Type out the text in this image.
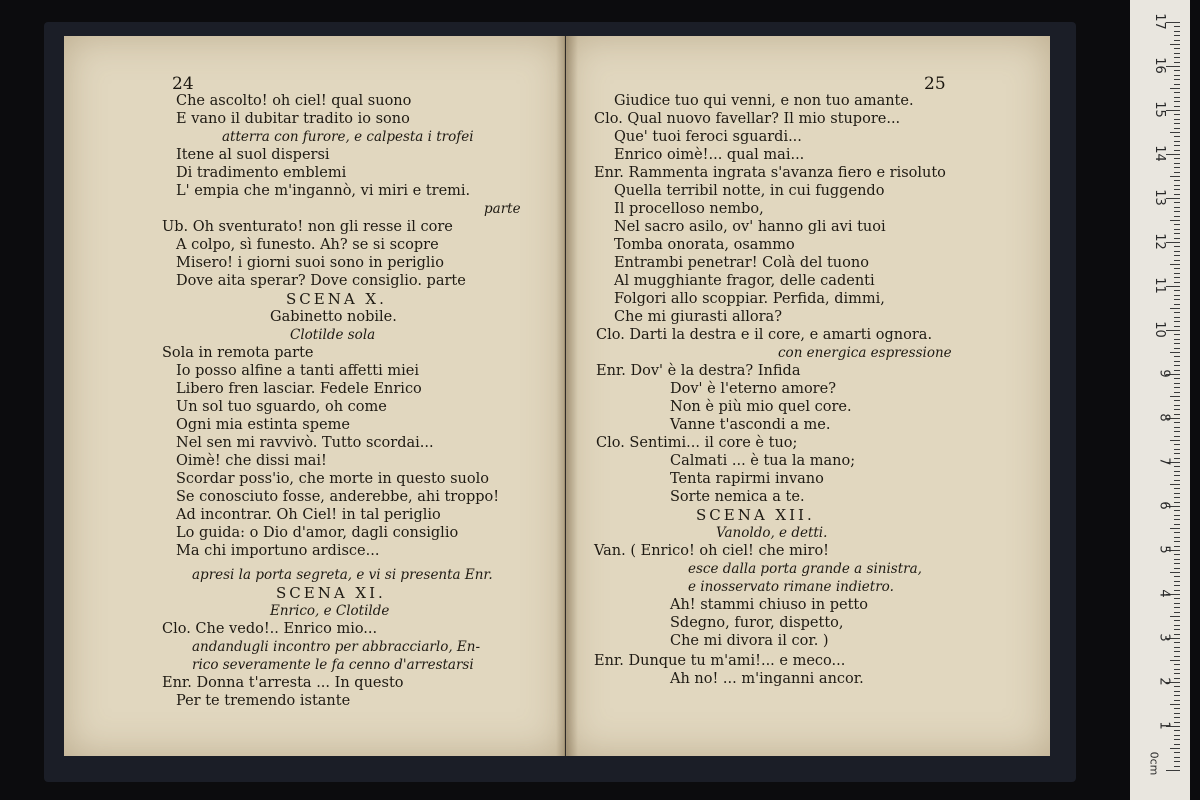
24
Che ascolto! oh ciel! qual suono
E vano il dubitar tradito io sono
atterra con furore, e calpesta i trofei
Itene al suol dispersi
Di tradimento emblemi
L' empia che m'ingannò, vi miri e tremi.
parte
Ub. Oh sventurato! non gli resse il core
A colpo, sì funesto. Ah? se si scopre
Misero! i giorni suoi sono in periglio
Dove aita sperar? Dove consiglio. parte
SCENA X.
Gabinetto nobile.
Clotilde sola
Sola in remota parte
Io posso alfine a tanti affetti miei
Libero fren lasciar. Fedele Enrico
Un sol tuo sguardo, oh come
Ogni mia estinta speme
Nel sen mi ravvivò. Tutto scordai...
Oimè! che dissi mai!
Scordar poss'io, che morte in questo suolo
Se conosciuto fosse, anderebbe, ahi troppo!
Ad incontrar. Oh Ciel! in tal periglio
Lo guida: o Dio d'amor, dagli consiglio
Ma chi importuno ardisce...
apresi la porta segreta, e vi si presenta Enr.
SCENA XI.
Enrico, e Clotilde
Clo. Che vedo!.. Enrico mio...
andandugli incontro per abbracciarlo, En-
rico severamente le fa cenno d'arrestarsi
Enr. Donna t'arresta ... In questo
Per te tremendo istante
25
Giudice tuo qui venni, e non tuo amante.
Clo. Qual nuovo favellar? Il mio stupore...
Que' tuoi feroci sguardi...
Enrico oimè!... qual mai...
Enr. Rammenta ingrata s'avanza fiero e risoluto
Quella terribil notte, in cui fuggendo
Il procelloso nembo,
Nel sacro asilo, ov' hanno gli avi tuoi
Tomba onorata, osammo
Entrambi penetrar! Colà del tuono
Al mugghiante fragor, delle cadenti
Folgori allo scoppiar. Perfida, dimmi,
Che mi giurasti allora?
Clo. Darti la destra e il core, e amarti ognora.
con energica espressione
Enr. Dov' è la destra? Infida
Dov' è l'eterno amore?
Non è più mio quel core.
Vanne t'ascondi a me.
Clo. Sentimi... il core è tuo;
Calmati ... è tua la mano;
Tenta rapirmi invano
Sorte nemica a te.
SCENA XII.
Vanoldo, e detti.
Van. ( Enrico! oh ciel! che miro!
esce dalla porta grande a sinistra,
e inosservato rimane indietro.
Ah! stammi chiuso in petto
Sdegno, furor, dispetto,
Che mi divora il cor. )
Enr. Dunque tu m'ami!... e meco...
Ah no! ... m'inganni ancor.
0cm
17
16
15
14
13
12
11
10
9
8
7
6
5
4
3
2
1
